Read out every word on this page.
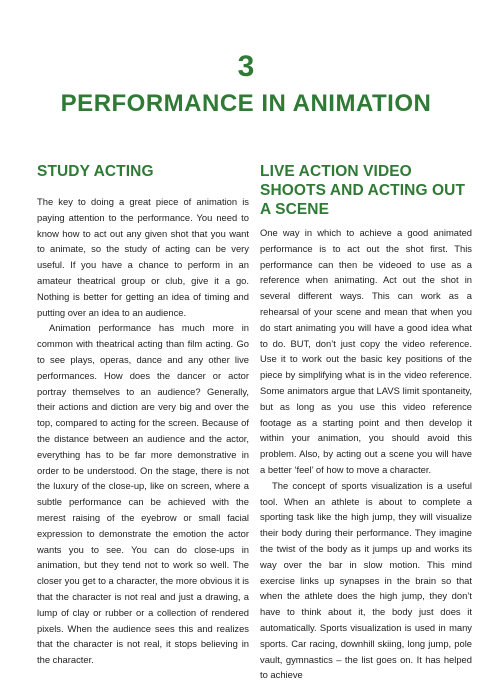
3
PERFORMANCE IN ANIMATION
STUDY ACTING

The key to doing a great piece of animation is paying attention to the performance. You need to know how to act out any given shot that you want to animate, so the study of acting can be very useful. If you have a chance to perform in an amateur theatrical group or club, give it a go. Nothing is better for getting an idea of timing and putting over an idea to an audience.

Animation performance has much more in common with theatrical acting than film acting. Go to see plays, operas, dance and any other live performances. How does the dancer or actor portray themselves to an audience? Generally, their actions and diction are very big and over the top, compared to acting for the screen. Because of the distance between an audience and the actor, everything has to be far more demonstrative in order to be understood. On the stage, there is not the luxury of the close-up, like on screen, where a subtle performance can be achieved with the merest raising of the eyebrow or small facial expression to demonstrate the emotion the actor wants you to see. You can do close-ups in animation, but they tend not to work so well. The closer you get to a character, the more obvious it is that the character is not real and just a drawing, a lump of clay or rubber or a collection of rendered pixels. When the audience sees this and realizes that the character is not real, it stops believing in the character.

LIVE ACTION VIDEO SHOOTS AND ACTING OUT A SCENE

One way in which to achieve a good animated performance is to act out the shot first. This performance can then be videoed to use as a reference when animating. Act out the shot in several different ways. This can work as a rehearsal of your scene and mean that when you do start animating you will have a good idea what to do. BUT, don’t just copy the video reference. Use it to work out the basic key positions of the piece by simplifying what is in the video reference. Some animators argue that LAVS limit spontaneity, but as long as you use this video reference footage as a starting point and then develop it within your animation, you should avoid this problem. Also, by acting out a scene you will have a better ‘feel’ of how to move a character.

The concept of sports visualization is a useful tool. When an athlete is about to complete a sporting task like the high jump, they will visualize their body during their performance. They imagine the twist of the body as it jumps up and works its way over the bar in slow motion. This mind exercise links up synapses in the brain so that when the athlete does the high jump, they don’t have to think about it, the body just does it automatically. Sports visualization is used in many sports. Car racing, downhill skiing, long jump, pole vault, gymnastics – the list goes on. It has helped to achieve
